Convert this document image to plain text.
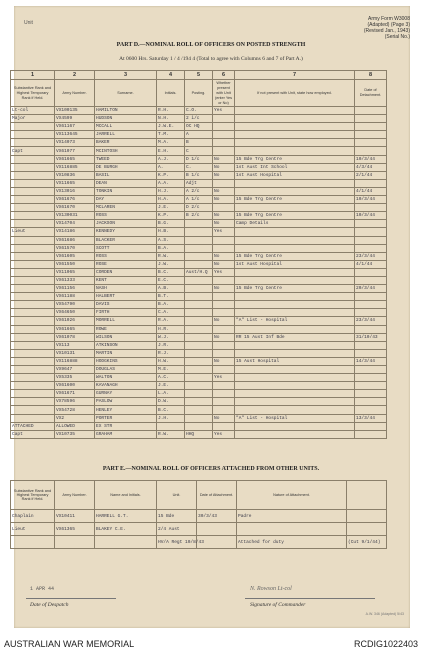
Unit
Army Form W3008
(Adapted) (Page 3)
(Revised Jan., 1943)
(Serial No.)
PART D.—NOMINAL ROLL OF OFFICERS ON POSTED STRENGTH
At 0600 Hrs. Saturday 1 / 4 /194 4 (Total to agree with Columns 6 and 7 of Part A.)
1	2	3	4	5	6	7	8
Substantive Rank and Highest Temporary Rank if Held.	Army Number.	Surname.	Initials.	Posting.	Whether present with Unit (enter Yes or No)	If not present with Unit, state how employed.	Date of Detachment.
Lt-col	VX100135	HAMILTON	R.H.	C.O.	Yes		
Major	VX4599	HUDSON	N.H.	2 i/c			
	VX61167	MCCALL	J.W.E.	OC HQ			
	VX113645	JARRELL	T.M.	A			
	VX14073	BAKER	M.A.	B			
Capt	VX61077	MCINTOSH	E.H.	C			
	VX61665	TWEED	A.J.	D 1/c	No	15 Bde Trg Centre	10/3/44
	VX116885	DE BURGH	A.	C.	No	1st Aust Int School	4/3/44
	VX10836	BASIL	K.P.	B 1/c	No	1st Aust Hospital	2/1/44
	VX11665	DEAN	A.A.	Adjt			
	VX13016	TONKIN	H.J.	A 2/c	No		4/1/44
	VX61676	DAY	H.A.	A 1/c	No	15 Bde Trg Centre	10/3/44
	VX61670	MCLAREN	J.E.	D 2/c			
	VX130031	ROSS	K.P.	B 2/c	No	15 Bde Trg Centre	10/3/44
	VX14704	JACKSON	B.G.		No	Camp Details	
Lieut	VX14186	KENNEDY	H.B.		Yes		
	VX61686	BLACKER	A.S.				
	VX61570	SCOTT	B.A.				
	VX61605	ROSS	R.W.		No	15 Bde Trg Centre	23/3/44
	VX61550	ROSE	J.W.		No	1st Aust Hospital	4/1/44
	VX11065	CORDEN	B.C.	Aust/H.Q	Yes		
	VX61333	KENT	E.C.				
	VX61156	NASH	A.B.		No	15 Bde Trg Centre	20/3/44
	VX61188	HALBERT	B.T.				
	VX54790	DAVIS	B.A.				
	VX64650	FIRTH	C.A.				
	VX61026	MORRELL	R.A.		No	"A" List - Hospital	23/3/44
	VX61665	ROWE	H.R.				
	VX61078	WILSON	W.J.		No	RR 15 Aust Inf Bde	31/10/43
	VX113	ATKINSON	J.R.				
	VX10131	MARTIN	R.J.				
	VX116888	HODGKINS	H.W.		No	15 Aust Hospital	14/3/44
	VX9647	DOUGLAS	M.E.				
	VX5335	WALTON	A.C.		Yes		
	VX61600	KAVANAGH	J.E.				
	VX61671	GURNAY	L.A.				
	VX78596	PASLOW	D.W.				
	VX54728	HENLEY	B.C.				
	VX2	PORTER	J.H.		No	"A" List - Hospital	13/3/44
ATTACHED	ALLOWED	EX STR					
Capt	VX10735	GRAHAM	R.W.	HHQ	Yes		
PART E.—NOMINAL ROLL OF OFFICERS ATTACHED FROM OTHER UNITS.
Substantive Rank and Highest Temporary Rank if Held.	Army Number.	Name and Initials.	Unit.	Date of Attachment.	Nature of Attachment.	
Chaplain	VX10411	HARRELL G.T.	15 Bde	30/3/43	Padre	
Lieut	VX61365	BLAKEY C.E.	2/4 Aust			
			HV/A Regt 10/8/43		Attached for duty	(Cut 9/1/44)
1 APR 44
Date of Despatch
N. Rowson Lt-col
Signature of Commander
A.W. 346 (Adapted) 5/43
AUSTRALIAN WAR MEMORIAL	RCDIG1022403
